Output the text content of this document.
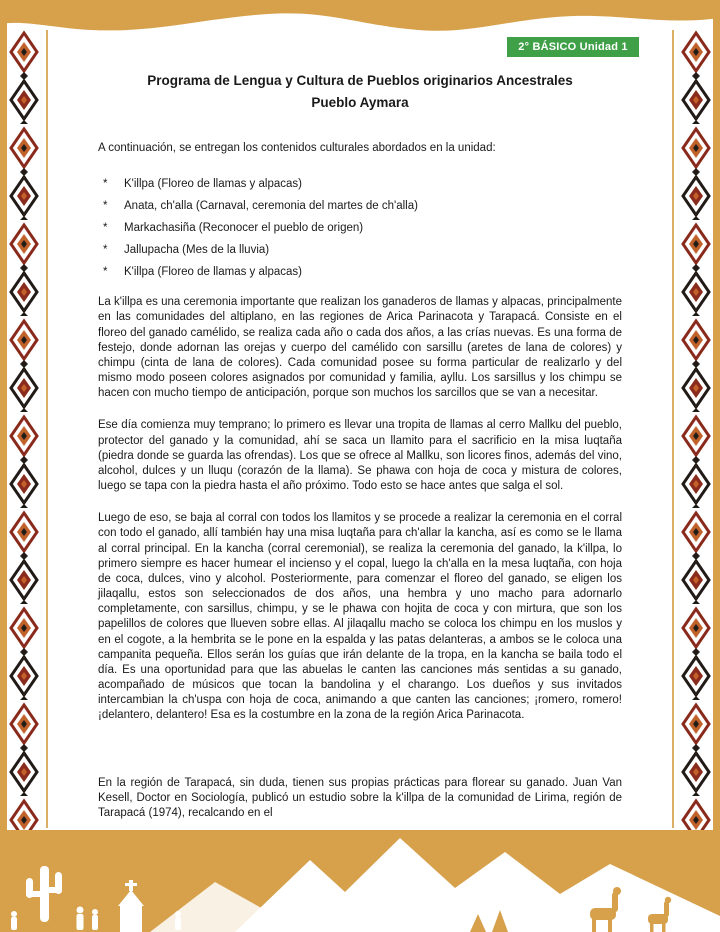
2° BÁSICO Unidad 1
Programa de Lengua y Cultura de Pueblos originarios Ancestrales
Pueblo Aymara

A continuación, se entregan los contenidos culturales abordados en la unidad:

*	K'illpa (Floreo de llamas y alpacas)
*	Anata, ch'alla (Carnaval, ceremonia del martes de ch'alla)
*	Markachasiña (Reconocer el pueblo de origen)
*	Jallupacha (Mes de la lluvia)
*	K'illpa (Floreo de llamas y alpacas)

La k'illpa es una ceremonia importante que realizan los ganaderos de llamas y alpacas, principalmente en las comunidades del altiplano, en las regiones de Arica Parinacota y Tarapacá. Consiste en el floreo del ganado camélido, se realiza cada año o cada dos años, a las crías nuevas. Es una forma de festejo, donde adornan las orejas y cuerpo del camélido con sarsillu (aretes de lana de colores) y chimpu (cinta de lana de colores). Cada comunidad posee su forma particular de realizarlo y del mismo modo poseen colores asignados por comunidad y familia, ayllu. Los sarsillus y los chimpu se hacen con mucho tiempo de anticipación, porque son muchos los sarcillos que se van a necesitar.

Ese día comienza muy temprano; lo primero es llevar una tropita de llamas al cerro Mallku del pueblo, protector del ganado y la comunidad, ahí se saca un llamito para el sacrificio en la misa luqtaña (piedra donde se guarda las ofrendas). Los que se ofrece al Mallku, son licores finos, además del vino, alcohol, dulces y un lluqu (corazón de la llama). Se phawa con hoja de coca y mistura de colores, luego se tapa con la piedra hasta el año próximo. Todo esto se hace antes que salga el sol.

Luego de eso, se baja al corral con todos los llamitos y se procede a realizar la ceremonia en el corral con todo el ganado, allí también hay una misa luqtaña para ch'allar la kancha, así es como se le llama al corral principal. En la kancha (corral ceremonial), se realiza la ceremonia del ganado, la k'illpa, lo primero siempre es hacer humear el incienso y el copal, luego la ch'alla en la mesa luqtaña, con hoja de coca, dulces, vino y alcohol. Posteriormente, para comenzar el floreo del ganado, se eligen los jilaqallu, estos son seleccionados de dos años, una hembra y uno macho para adornarlo completamente, con sarsillus, chimpu, y se le phawa con hojita de coca y con mirtura, que son los papelillos de colores que llueven sobre ellas. Al jilaqallu macho se coloca los chimpu en los muslos y en el cogote, a la hembrita se le pone en la espalda y las patas delanteras, a ambos se le coloca una campanita pequeña. Ellos serán los guías que irán delante de la tropa, en la kancha se baila todo el día. Es una oportunidad para que las abuelas le canten las canciones más sentidas a su ganado, acompañado de músicos que tocan la bandolina y el charango. Los dueños y sus invitados intercambian la ch'uspa con hoja de coca, animando a que canten las canciones; ¡romero, romero! ¡delantero, delantero! Esa es la costumbre en la zona de la región Arica Parinacota.

En la región de Tarapacá, sin duda, tienen sus propias prácticas para florear su ganado. Juan Van Kesell, Doctor en Sociología, publicó un estudio sobre la k'illpa de la comunidad de Lirima, región de Tarapacá (1974), recalcando en el
